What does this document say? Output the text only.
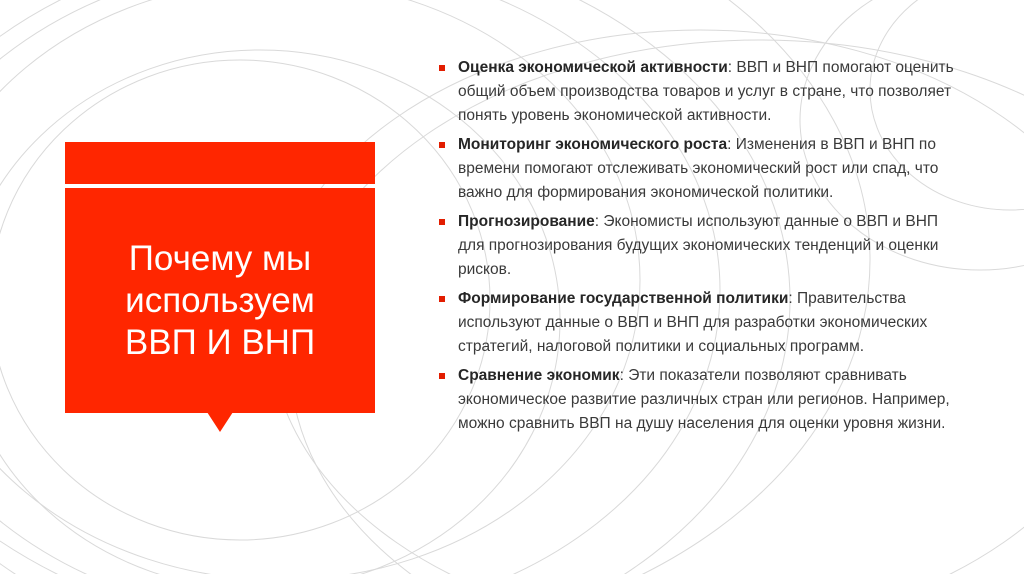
Почему мы используем ВВП И ВНП
Оценка экономической активности: ВВП и ВНП помогают оценить общий объем производства товаров и услуг в стране, что позволяет понять уровень экономической активности.
Мониторинг экономического роста: Изменения в ВВП и ВНП по времени помогают отслеживать экономический рост или спад, что важно для формирования экономической политики.
Прогнозирование: Экономисты используют данные о ВВП и ВНП для прогнозирования будущих экономических тенденций и оценки рисков.
Формирование государственной политики: Правительства используют данные о ВВП и ВНП для разработки экономических стратегий, налоговой политики и социальных программ.
Сравнение экономик: Эти показатели позволяют сравнивать экономическое развитие различных стран или регионов. Например, можно сравнить ВВП на душу населения для оценки уровня жизни.
